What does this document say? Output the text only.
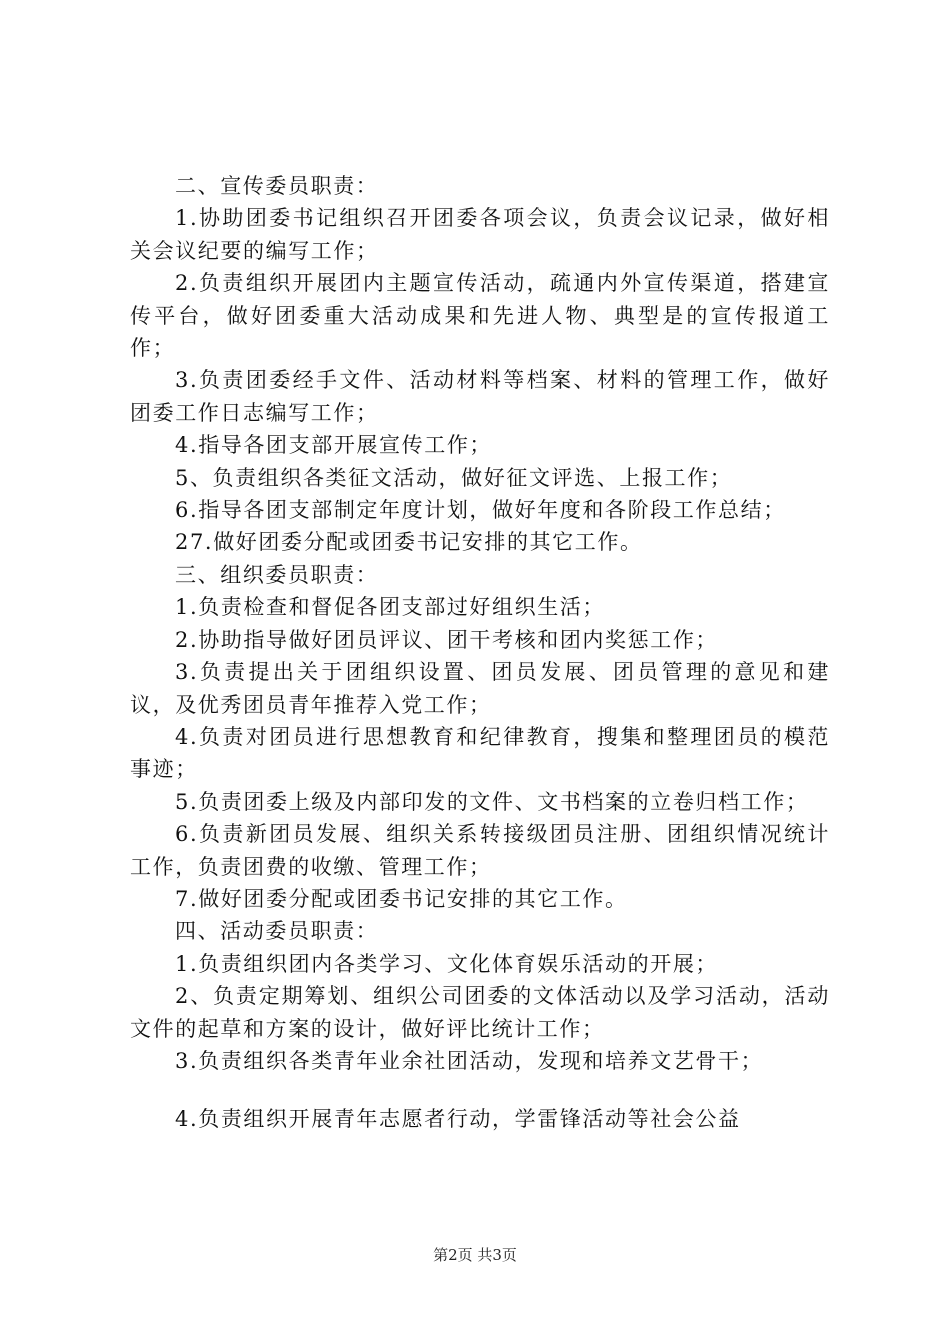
二、宣传委员职责：

1.协助团委书记组织召开团委各项会议，负责会议记录，做好相关会议纪要的编写工作；

2.负责组织开展团内主题宣传活动，疏通内外宣传渠道，搭建宣传平台，做好团委重大活动成果和先进人物、典型是的宣传报道工作；

3.负责团委经手文件、活动材料等档案、材料的管理工作，做好团委工作日志编写工作；

4.指导各团支部开展宣传工作；

5、负责组织各类征文活动，做好征文评选、上报工作；

6.指导各团支部制定年度计划，做好年度和各阶段工作总结；

27.做好团委分配或团委书记安排的其它工作。

三、组织委员职责：

1.负责检查和督促各团支部过好组织生活；

2.协助指导做好团员评议、团干考核和团内奖惩工作；

3.负责提出关于团组织设置、团员发展、团员管理的意见和建议，及优秀团员青年推荐入党工作；

4.负责对团员进行思想教育和纪律教育，搜集和整理团员的模范事迹；

5.负责团委上级及内部印发的文件、文书档案的立卷归档工作；

6.负责新团员发展、组织关系转接级团员注册、团组织情况统计工作，负责团费的收缴、管理工作；

7.做好团委分配或团委书记安排的其它工作。

四、活动委员职责：

1.负责组织团内各类学习、文化体育娱乐活动的开展；

2、负责定期筹划、组织公司团委的文体活动以及学习活动，活动文件的起草和方案的设计，做好评比统计工作；

3.负责组织各类青年业余社团活动，发现和培养文艺骨干；

4.负责组织开展青年志愿者行动，学雷锋活动等社会公益

第2页 共3页
